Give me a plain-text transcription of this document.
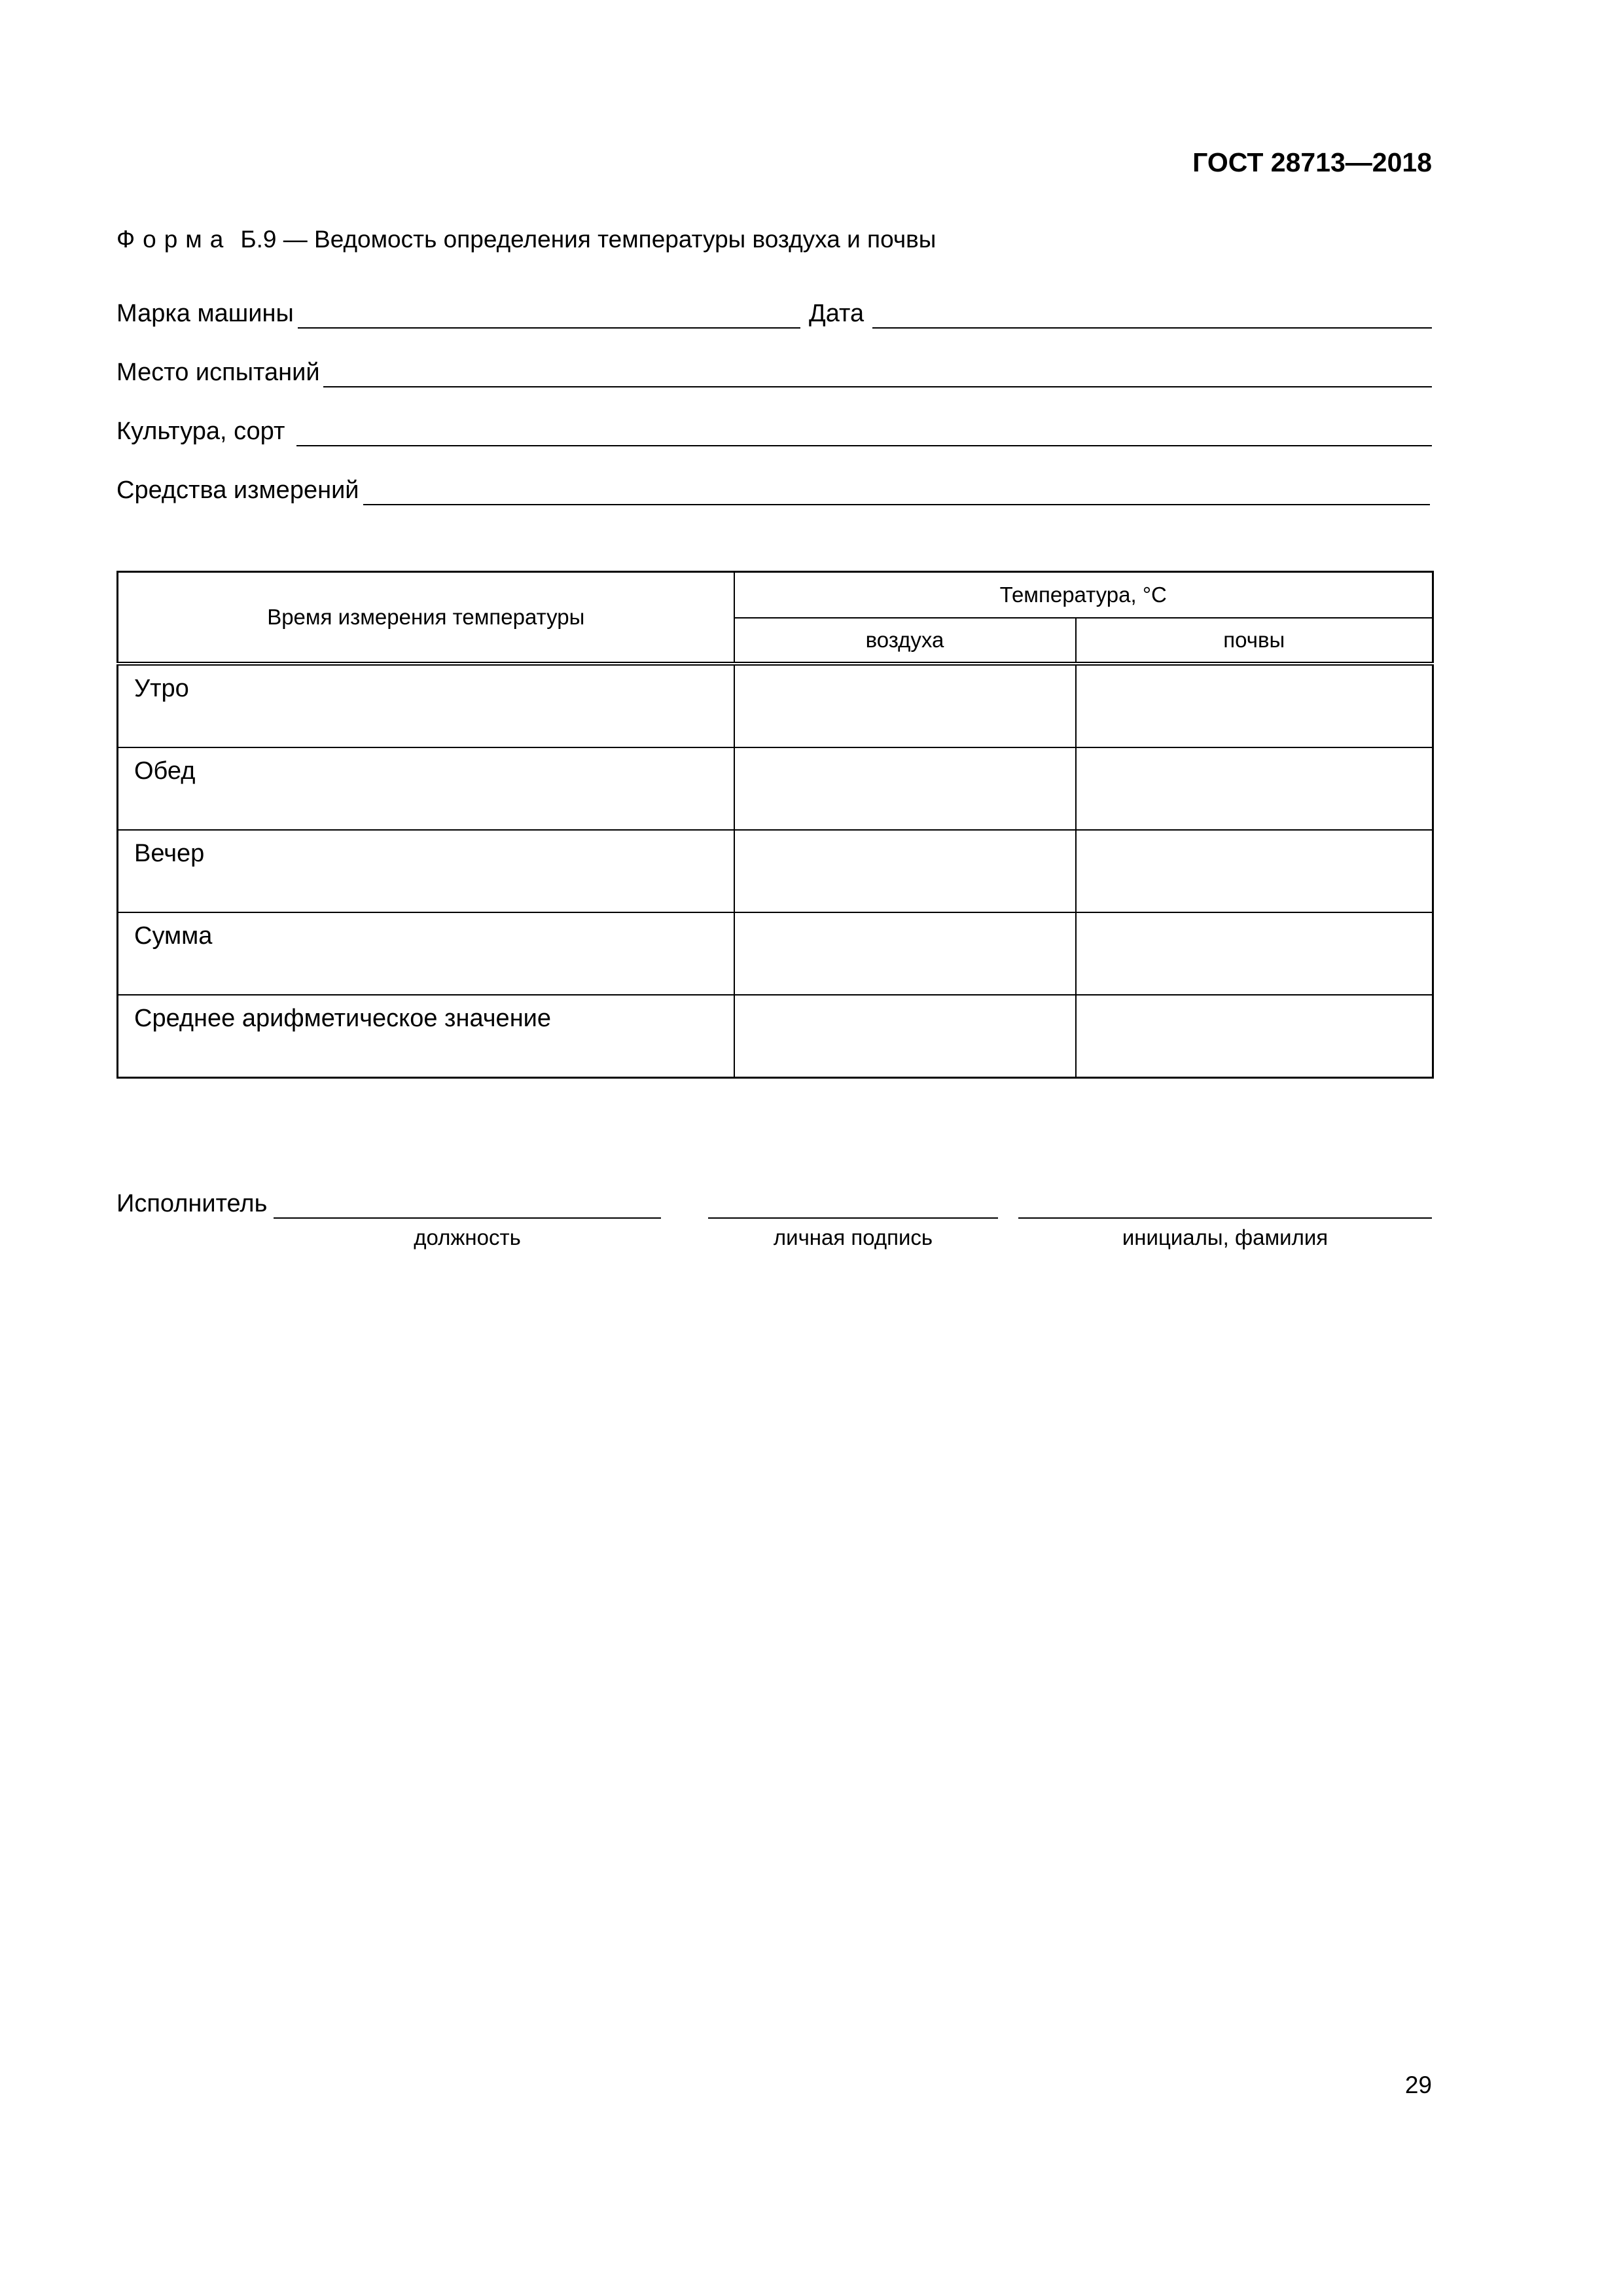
ГОСТ 28713—2018
Форма Б.9 — Ведомость определения температуры воздуха и почвы
Марка машины	Дата
Место испытаний
Культура, сорт
Средства измерений
Время измерения температуры	Температура, °С	
	воздуха	почвы
Утро		
Обед		
Вечер		
Сумма		
Среднее арифметическое значение		
Исполнитель
должность	личная подпись	инициалы, фамилия
29
